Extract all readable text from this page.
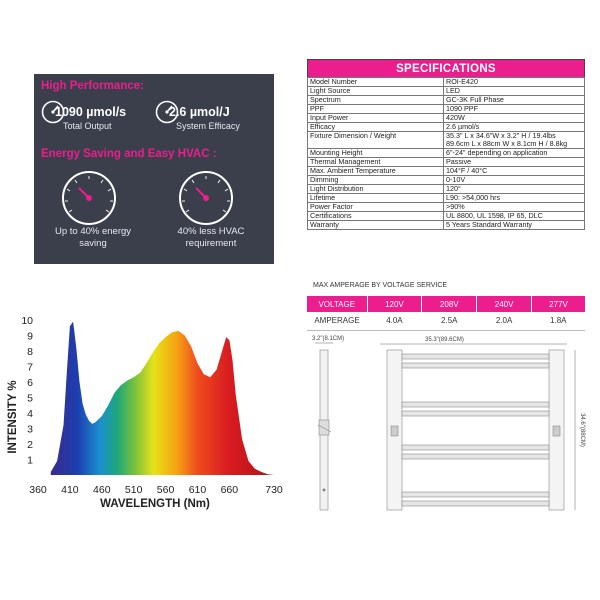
High Performance:
1090 µmol/s
Total Output
2.6 µmol/J
System Efficacy
Energy Saving and Easy HVAC :
Up to 40% energy
saving
40% less HVAC
requirement
SPECIFICATIONS
Model Number	ROI-E420
Light Source	LED
Spectrum	GC-3K Full Phase
PPF	1090 PPF
Input Power	420W
Efficacy	2.6 µmol/s
Fixture Dimension / Weight	35.3" L x 34.6"W x 3.2" H / 19.4lbs
89.6cm L x 88cm W x 8.1cm H / 8.8kg
Mounting Height	6"-24" depending on application
Thermal Management	Passive
Max. Ambient Temperature	104°F / 40°C
Dimming	0-10V
Light Distribution	120°
Lifetime	L90: >54,000 hrs
Power Factor	>90%
Certifications	UL 8800, UL 1598, IP 65, DLC
Warranty	5 Years Standard Warranty
MAX AMPERAGE BY VOLTAGE SERVICE
VOLTAGE	120V	208V	240V	277V
AMPERAGE	4.0A	2.5A	2.0A	1.8A
1
2
3
4
5
6
7
8
9
10
360 410 460 510 560 610 660	730
INTENSITY %
WAVELENGTH (Nm)
3.2"(8.1CM)	35.3"(89.6CM)
34.6"(88CM)
